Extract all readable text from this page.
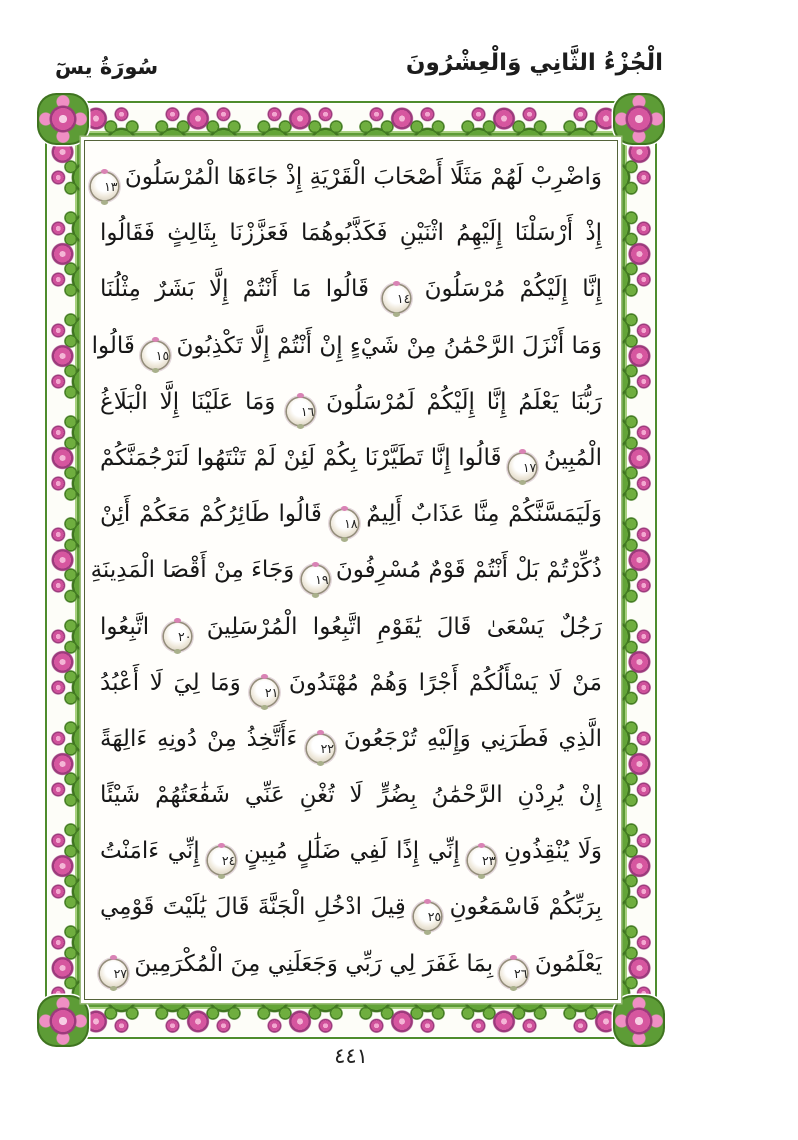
الْجُزْءُ الثَّانِي وَالْعِشْرُونَ
سُورَةُ يسٓ
وَاضْرِبْ لَهُمْ مَثَلًا أَصْحَابَ الْقَرْيَةِ إِذْ جَاءَهَا الْمُرْسَلُونَ
١٣
إِذْ أَرْسَلْنَا إِلَيْهِمُ اثْنَيْنِ فَكَذَّبُوهُمَا فَعَزَّزْنَا بِثَالِثٍ فَقَالُوا
إِنَّا إِلَيْكُمْ مُرْسَلُونَ
١٤
قَالُوا مَا أَنْتُمْ إِلَّا بَشَرٌ مِثْلُنَا
وَمَا أَنْزَلَ الرَّحْمَٰنُ مِنْ شَيْءٍ إِنْ أَنْتُمْ إِلَّا تَكْذِبُونَ
١٥
قَالُوا
رَبُّنَا يَعْلَمُ إِنَّا إِلَيْكُمْ لَمُرْسَلُونَ
١٦
وَمَا عَلَيْنَا إِلَّا الْبَلَاغُ
الْمُبِينُ
١٧
قَالُوا إِنَّا تَطَيَّرْنَا بِكُمْ لَئِنْ لَمْ تَنْتَهُوا لَنَرْجُمَنَّكُمْ
وَلَيَمَسَّنَّكُمْ مِنَّا عَذَابٌ أَلِيمٌ
١٨
قَالُوا طَائِرُكُمْ مَعَكُمْ أَئِنْ
ذُكِّرْتُمْ بَلْ أَنْتُمْ قَوْمٌ مُسْرِفُونَ
١٩
وَجَاءَ مِنْ أَقْصَا الْمَدِينَةِ
رَجُلٌ يَسْعَىٰ قَالَ يَٰقَوْمِ اتَّبِعُوا الْمُرْسَلِينَ
٢٠
اتَّبِعُوا
مَنْ لَا يَسْأَلُكُمْ أَجْرًا وَهُمْ مُهْتَدُونَ
٢١
وَمَا لِيَ لَا أَعْبُدُ
الَّذِي فَطَرَنِي وَإِلَيْهِ تُرْجَعُونَ
٢٢
ءَأَتَّخِذُ مِنْ دُونِهِ ءَالِهَةً
إِنْ يُرِدْنِ الرَّحْمَٰنُ بِضُرٍّ لَا تُغْنِ عَنِّي شَفَٰعَتُهُمْ شَيْئًا
وَلَا يُنْقِذُونِ
٢٣
إِنِّي إِذًا لَفِي ضَلَٰلٍ مُبِينٍ
٢٤
إِنِّي ءَامَنْتُ
بِرَبِّكُمْ فَاسْمَعُونِ
٢٥
قِيلَ ادْخُلِ الْجَنَّةَ قَالَ يَٰلَيْتَ قَوْمِي
يَعْلَمُونَ
٢٦
بِمَا غَفَرَ لِي رَبِّي وَجَعَلَنِي مِنَ الْمُكْرَمِينَ
٢٧
٤٤١
